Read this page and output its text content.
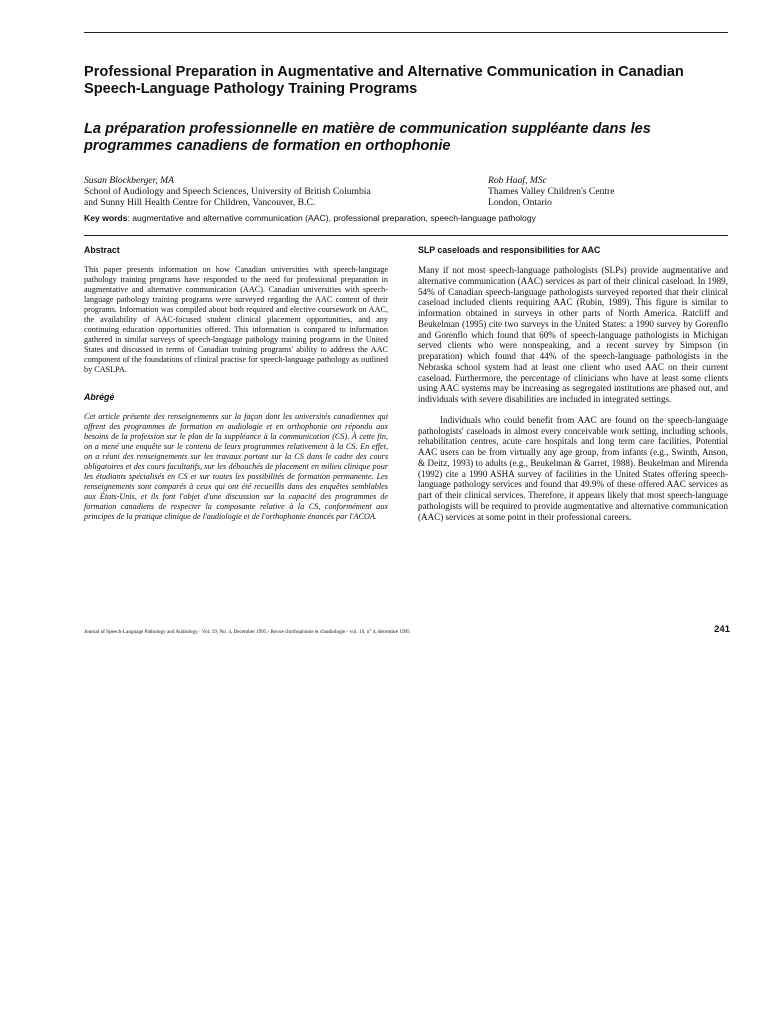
Professional Preparation in Augmentative and Alternative Communication in Canadian Speech-Language Pathology Training Programs
La préparation professionnelle en matière de communication suppléante dans les programmes canadiens de formation en orthophonie
Susan Blockberger, MA
School of Audiology and Speech Sciences, University of British Columbia
and Sunny Hill Health Centre for Children, Vancouver, B.C.
Rob Haaf, MSc
Thames Valley Children's Centre
London, Ontario
Key words: augmentative and alternative communication (AAC), professional preparation, speech-language pathology
Abstract

This paper presents information on how Canadian universities with speech-language pathology training programs have responded to the need for professional preparation in augmentative and alternative communication (AAC). Canadian universities with speech-language pathology training programs were surveyed regarding the AAC content of their programs. Information was compiled about both required and elective coursework on AAC, the availability of AAC-focused student clinical placement opportunities, and any continuing education opportunities offered. This information is compared to information gathered in similar surveys of speech-language pathology training programs in the United States and discussed in terms of Canadian training programs' ability to address the AAC component of the foundations of clinical practise for speech-language pathology as outlined by CASLPA.

Abrégé

Cet article présente des renseignements sur la façon dont les universités canadiennes qui offrent des programmes de formation en audiologie et en orthophonie ont répondu aux besoins de la profession sur le plan de la suppléance à la communication (CS). À cette fin, on a mené une enquête sur le contenu de leurs programmes relativement à la CS. En effet, on a réuni des renseignements sur les travaux portant sur la CS dans le cadre des cours obligatoires et des cours facultatifs, sur les débouchés de placement en milieu clinique pour les étudiants spécialisés en CS et sur toutes les possibilités de formation permanente. Les renseignements sont comparés à ceux qui ont été recueillis dans des enquêtes semblables aux États-Unis, et ils font l'objet d'une discussion sur la capacité des programmes de formation canadiens de respecter la composante relative à la CS, conformément aux principes de la pratique clinique de l'audiologie et de l'orthophonie énoncés par l'ACOA.

SLP caseloads and responsibilities for AAC

Many if not most speech-language pathologists (SLPs) provide augmentative and alternative communication (AAC) services as part of their clinical caseload. In 1989, 54% of Canadian speech-language pathologists surveyed reported that their clinical caseload included clients requiring AAC (Rubin, 1989). This figure is similar to information obtained in surveys in other parts of North America. Ratcliff and Beukelman (1995) cite two surveys in the United States: a 1990 survey by Gorenflo and Gorenflo which found that 60% of speech-language pathologists in Michigan served clients who were nonspeaking, and a recent survey by Simpson (in preparation) which found that 44% of the speech-language pathologists in the Nebraska school system had at least one client who used AAC on their current caseload. Furthermore, the percentage of clinicians who have at least some clients using AAC systems may be increasing as segregated institutions are phased out, and individuals with severe disabilities are included in integrated settings.

Individuals who could benefit from AAC are found on the speech-language pathologists' caseloads in almost every conceivable work setting, including schools, rehabilitation centres, acute care hospitals and long term care facilities. Potential AAC users can be from virtually any age group, from infants (e.g., Swinth, Anson, & Deitz, 1993) to adults (e.g., Beukelman & Garret, 1988). Beukelman and Mirenda (1992) cite a 1990 ASHA survey of facilities in the United States offering speech-language pathology services and found that 49.9% of these offered AAC services as part of their clinical services. Therefore, it appears likely that most speech-language pathologists will be required to provide augmentative and alternative communication (AAC) services at some point in their professional careers.

Journal of Speech-Language Pathology and Audiology · Vol. 19, No. 4, December 1995 / Revue d'orthophonie et d'audiologie · vol. 19, n° 4, décembre 1995	241
